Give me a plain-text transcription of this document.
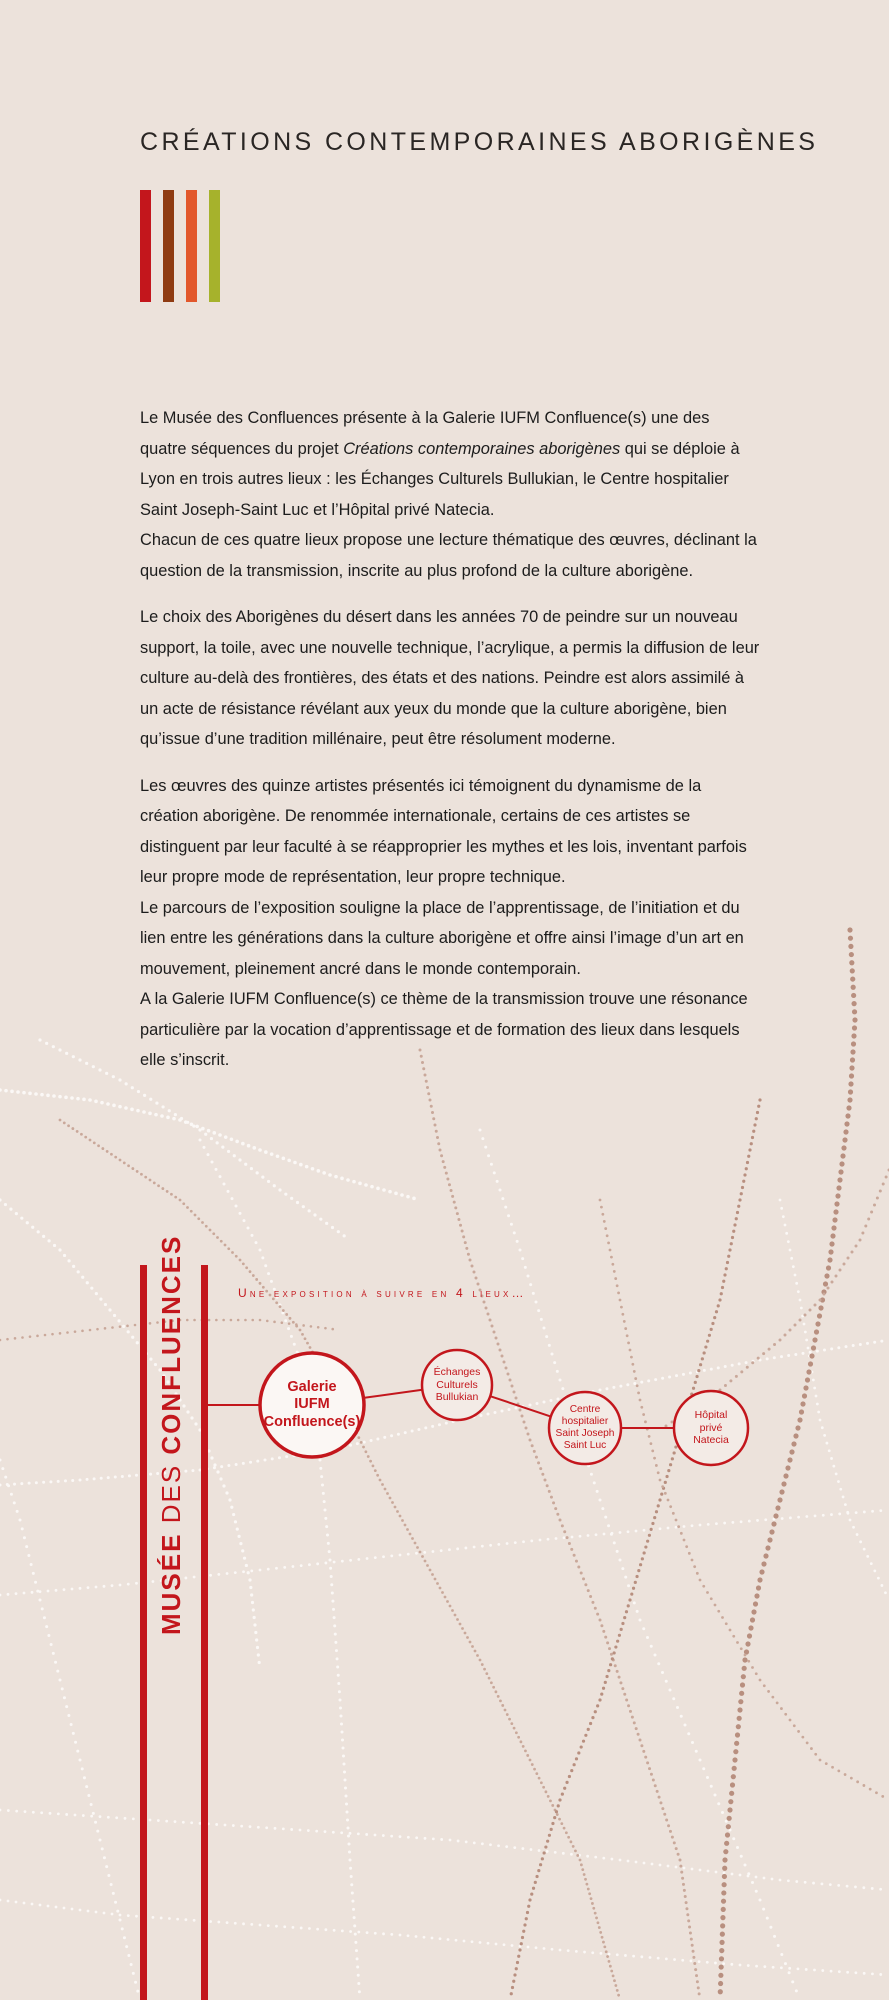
CRÉATIONS CONTEMPORAINES ABORIGÈNES

Le Musée des Confluences présente à la Galerie IUFM Confluence(s) une des quatre séquences du projet Créations contemporaines aborigènes qui se déploie à Lyon en trois autres lieux : les Échanges Culturels Bullukian, le Centre hospitalier Saint Joseph-Saint Luc et l’Hôpital privé Natecia.
Chacun de ces quatre lieux propose une lecture thématique des œuvres, déclinant la question de la transmission, inscrite au plus profond de la culture aborigène.

Le choix des Aborigènes du désert dans les années 70 de peindre sur un nouveau support, la toile, avec une nouvelle technique, l’acrylique, a permis la diffusion de leur culture au-delà des frontières, des états et des nations. Peindre est alors assimilé à un acte de résistance révélant aux yeux du monde que la culture aborigène, bien qu’issue d’une tradition millénaire, peut être résolument moderne.

Les œuvres des quinze artistes présentés ici témoignent du dynamisme de la création aborigène. De renommée internationale, certains de ces artistes se distinguent par leur faculté à se réapproprier les mythes et les lois, inventant parfois leur propre mode de représentation, leur propre technique.
Le parcours de l’exposition souligne la place de l’apprentissage, de l’initiation et du lien entre les générations dans la culture aborigène et offre ainsi l’image d’un art en mouvement, pleinement ancré dans le monde contemporain.
A la Galerie IUFM Confluence(s) ce thème de la transmission trouve une résonance particulière par la vocation d’apprentissage et de formation des lieux dans lesquels elle s’inscrit.

MUSÉE DES CONFLUENCES	Une exposition à suivre en 4 lieux…

Galerie
IUFM
Confluence(s)

Échanges
Culturels
Bullukian

Centre
hospitalier
Saint Joseph
Saint Luc

Hôpital
privé
Natecia
